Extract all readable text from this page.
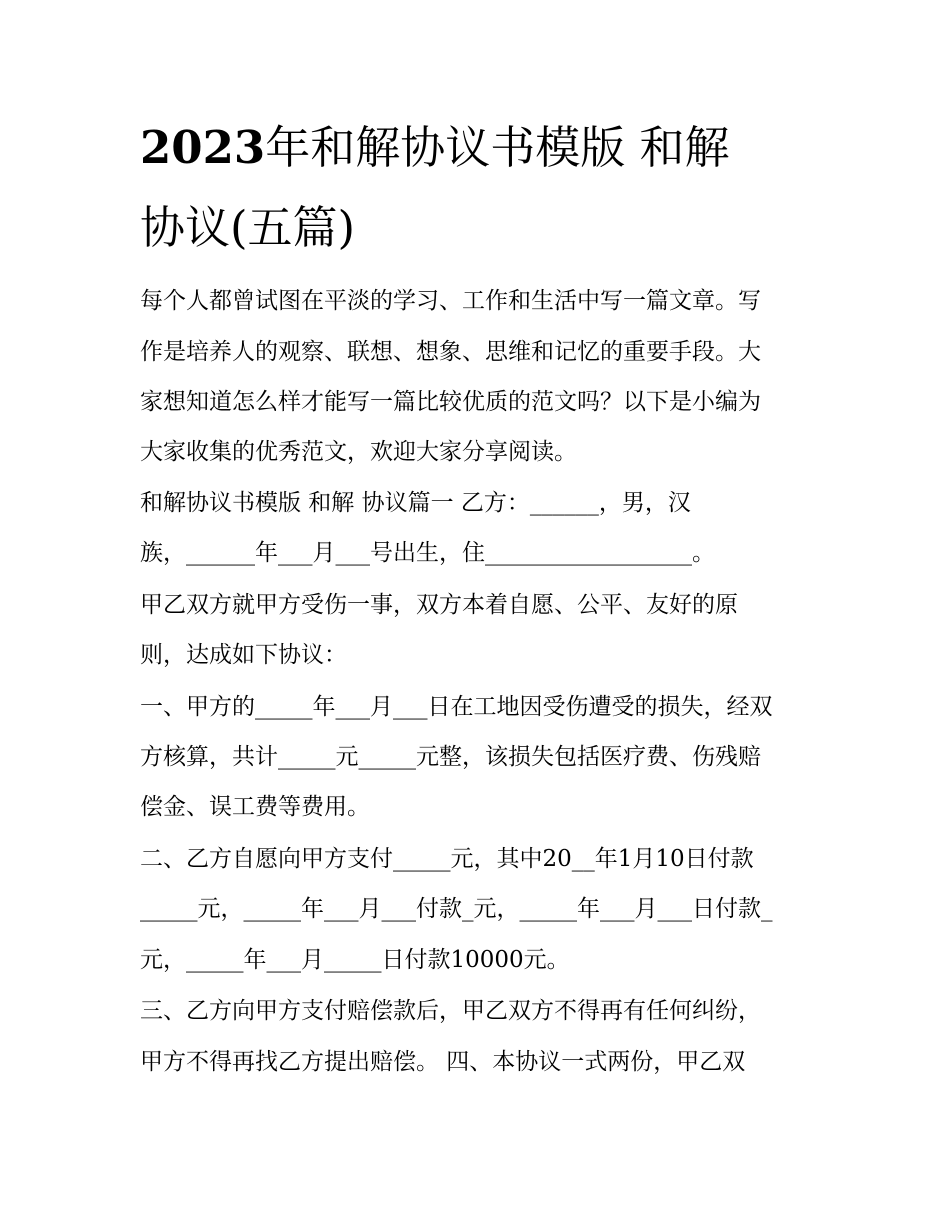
2023年和解协议书模版 和解
协议(五篇)

每个人都曾试图在平淡的学习、工作和生活中写一篇文章。写

作是培养人的观察、联想、想象、思维和记忆的重要手段。大

家想知道怎么样才能写一篇比较优质的范文吗？以下是小编为

大家收集的优秀范文，欢迎大家分享阅读。

和解协议书模版 和解 协议篇一 乙方：______，男，汉

族，______年___月___号出生，住__________________。

甲乙双方就甲方受伤一事，双方本着自愿、公平、友好的原

则，达成如下协议：

一、甲方的_____年___月___日在工地因受伤遭受的损失，经双

方核算，共计_____元_____元整，该损失包括医疗费、伤残赔

偿金、误工费等费用。

二、乙方自愿向甲方支付_____元，其中20__年1月10日付款

_____元，_____年___月___付款_元，_____年___月___日付款_

元，_____年___月_____日付款10000元。

三、乙方向甲方支付赔偿款后，甲乙双方不得再有任何纠纷，

甲方不得再找乙方提出赔偿。 四、本协议一式两份，甲乙双
